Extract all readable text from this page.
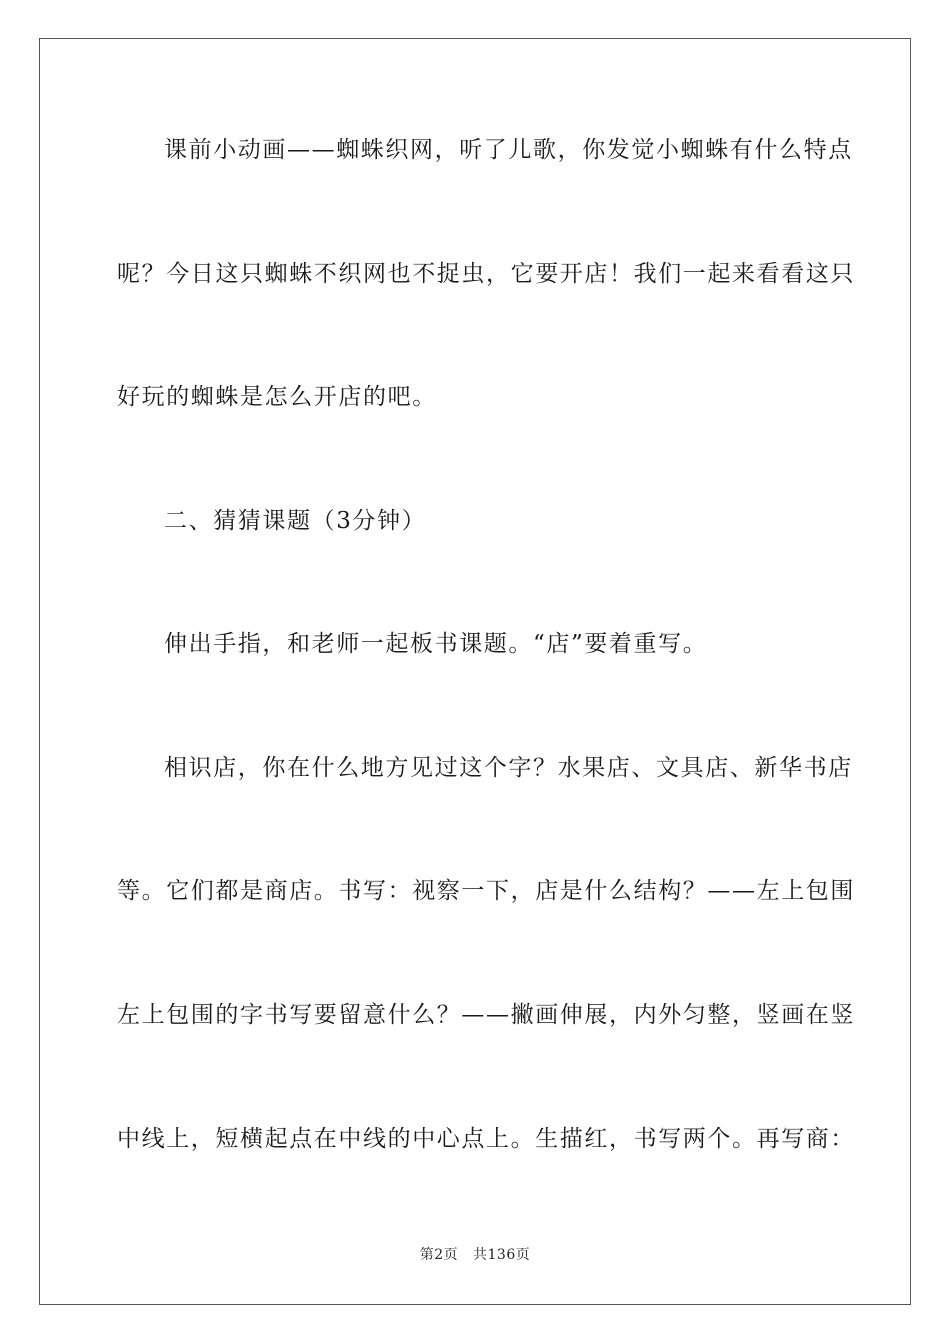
课前小动画——蜘蛛织网，听了儿歌，你发觉小蜘蛛有什么特点
呢？今日这只蜘蛛不织网也不捉虫，它要开店！我们一起来看看这只
好玩的蜘蛛是怎么开店的吧。
二、猜猜课题（3分钟）
伸出手指，和老师一起板书课题。“店”要着重写。
相识店，你在什么地方见过这个字？水果店、文具店、新华书店
等。它们都是商店。书写：视察一下，店是什么结构？——左上包围
左上包围的字书写要留意什么？——撇画伸展，内外匀整，竖画在竖
中线上，短横起点在中线的中心点上。生描红，书写两个。再写商：
第2页 共136页
